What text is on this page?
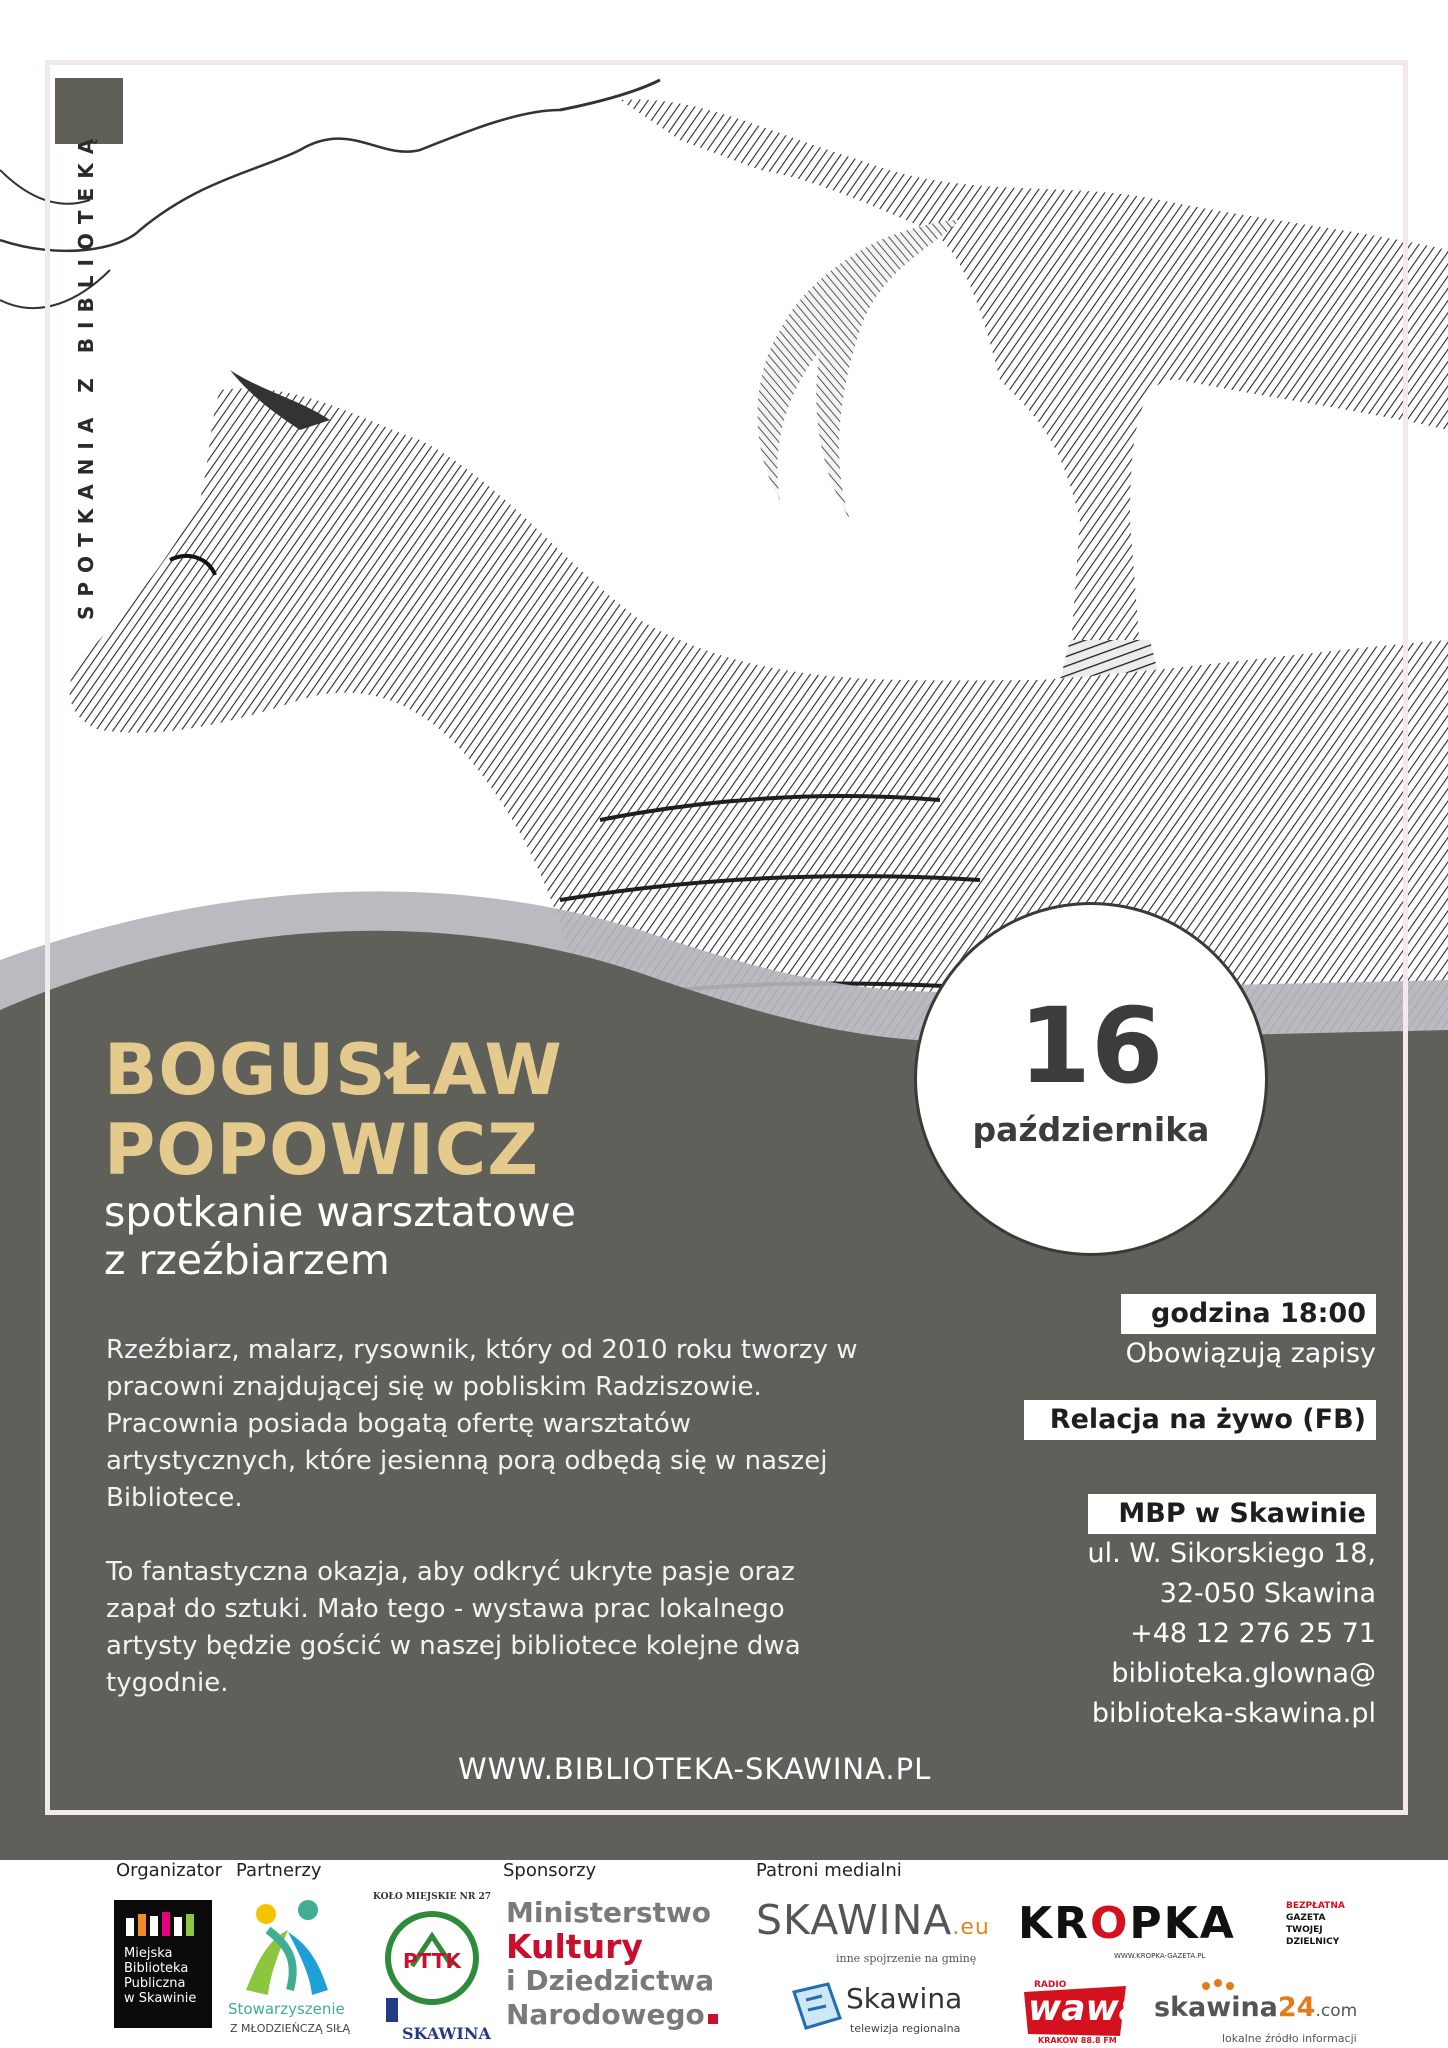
SPOTKANIA Z BIBLIOTEKĄ
BOGUSŁAW
POPOWICZ
spotkanie warsztatowe
z rzeźbiarzem

Rzeźbiarz, malarz, rysownik, który od 2010 roku tworzy w pracowni znajdującej się w pobliskim Radziszowie. Pracownia posiada bogatą ofertę warsztatów artystycznych, które jesienną porą odbędą się w naszej Bibliotece.

To fantastyczna okazja, aby odkryć ukryte pasje oraz zapał do sztuki. Mało tego - wystawa prac lokalnego artysty będzie gościć w naszej bibliotece kolejne dwa tygodnie.

16
października
godzina 18:00
Obowiązują zapisy
Relacja na żywo (FB)
MBP w Skawinie
ul. W. Sikorskiego 18,
32-050 Skawina
+48 12 276 25 71
biblioteka.glowna@
biblioteka-skawina.pl
WWW.BIBLIOTEKA-SKAWINA.PL
Organizator Partnerzy	Sponsorzy	Patroni medialni
Miejska
Biblioteka
Publiczna
w Skawinie
Stowarzyszenie
Z MŁODZIEŃCZĄ SIŁĄ
KOŁO MIEJSKIE NR 27
PTTK
SKAWINA
Ministerstwo
Kultury
i Dziedzictwa
Narodowego
SKAWINA.eu
inne spojrzenie na gminę
KROPKA	BEZPŁATNA
GAZETA
TWOJEJ
DZIELNICY
WWW.KROPKA-GAZETA.PL
Skawina
telewizja regionalna
RADIO
wawa
KRAKÓW 88.8 FM
skawina24.com
lokalne źródło informacji
